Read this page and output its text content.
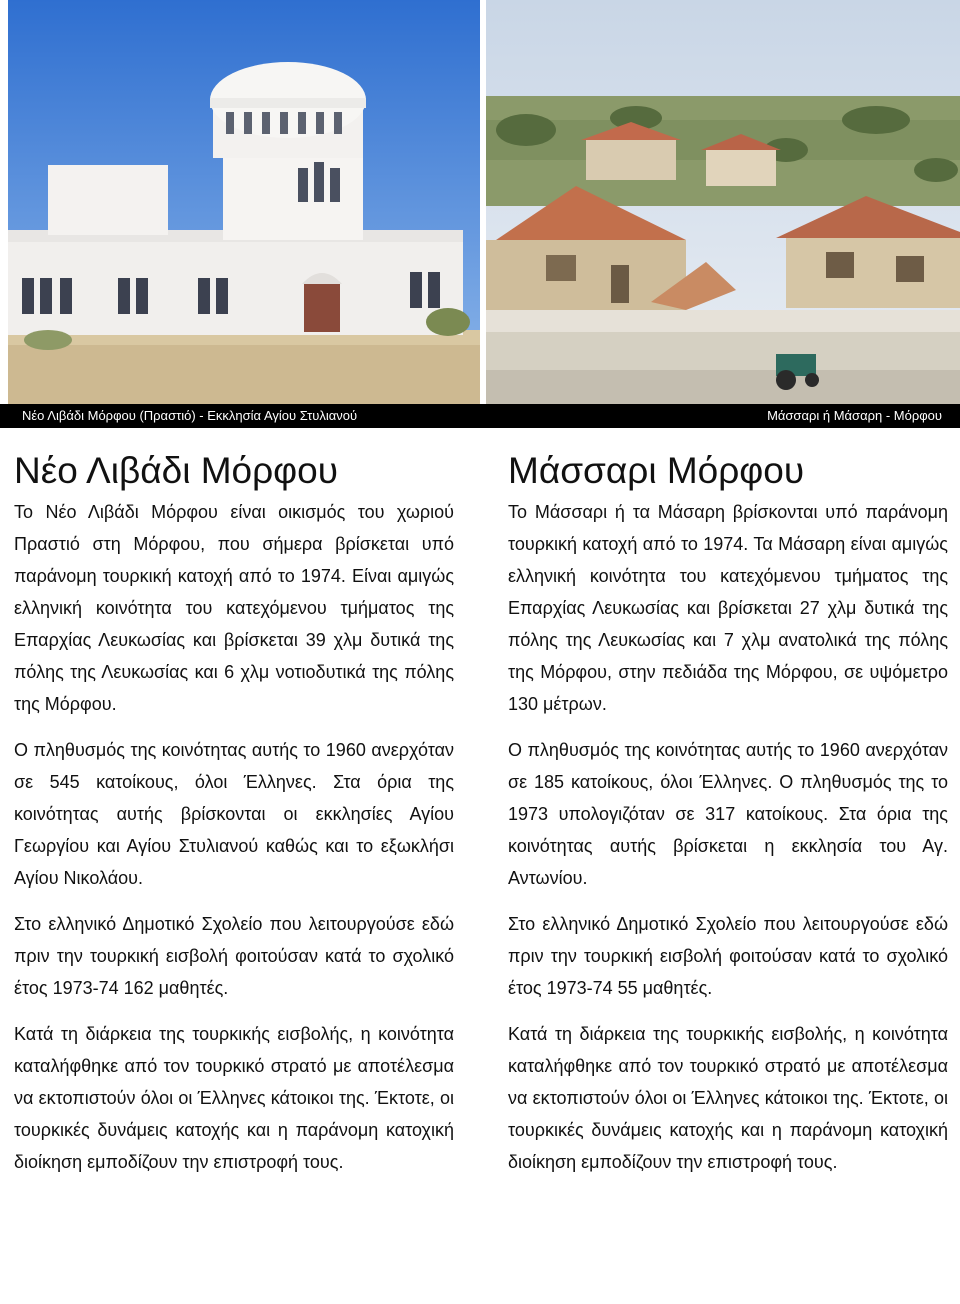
Νέο Λιβάδι Μόρφου (Πραστιό) - Εκκλησία Αγίου Στυλιανού	Μάσσαρι ή Μάσαρη - Μόρφου
Νέο Λιβάδι Μόρφου

Το Νέο Λιβάδι Μόρφου είναι οικισμός του χωριού Πραστιό στη Μόρφου, που σήμερα βρίσκεται υπό παράνομη τουρκική κατοχή από το 1974. Είναι αμιγώς ελληνική κοινότητα του κατεχόμενου τμήματος της Επαρχίας Λευκωσίας και βρίσκεται 39 χλμ δυτικά της πόλης της Λευκωσίας και 6 χλμ νοτιοδυτικά της πόλης της Μόρφου.

Ο πληθυσμός της κοινότητας αυτής το 1960 ανερχόταν σε 545 κατοίκους, όλοι Έλληνες. Στα όρια της κοινότητας αυτής βρίσκονται οι εκκλησίες Αγίου Γεωργίου και Αγίου Στυλιανού καθώς και το εξωκλήσι Αγίου Νικολάου.

Στο ελληνικό Δημοτικό Σχολείο που λειτουργούσε εδώ πριν την τουρκική εισβολή φοιτούσαν κατά το σχολικό έτος 1973-74 162 μαθητές.

Κατά τη διάρκεια της τουρκικής εισβολής, η κοινότητα καταλήφθηκε από τον τουρκικό στρατό με αποτέλεσμα να εκτοπιστούν όλοι οι Έλληνες κάτοικοι της. Έκτοτε, οι τουρκικές δυνάμεις κατοχής και η παράνομη κατοχική διοίκηση εμποδίζουν την επιστροφή τους.

Μάσσαρι Μόρφου

Το Μάσσαρι ή τα Μάσαρη βρίσκονται υπό παράνομη τουρκική κατοχή από το 1974. Τα Μάσαρη είναι αμιγώς ελληνική κοινότητα του κατεχόμενου τμήματος της Επαρχίας Λευκωσίας και βρίσκεται 27 χλμ δυτικά της πόλης της Λευκωσίας και 7 χλμ ανατολικά της πόλης της Μόρφου, στην πεδιάδα της Μόρφου, σε υψόμετρο 130 μέτρων.

Ο πληθυσμός της κοινότητας αυτής το 1960 ανερχόταν σε 185 κατοίκους, όλοι Έλληνες. Ο πληθυσμός της το 1973 υπολογιζόταν σε 317 κατοίκους. Στα όρια της κοινότητας αυτής βρίσκεται η εκκλησία του Αγ. Αντωνίου.

Στο ελληνικό Δημοτικό Σχολείο που λειτουργούσε εδώ πριν την τουρκική εισβολή φοιτούσαν κατά το σχολικό έτος 1973-74 55 μαθητές.

Κατά τη διάρκεια της τουρκικής εισβολής, η κοινότητα καταλήφθηκε από τον τουρκικό στρατό με αποτέλεσμα να εκτοπιστούν όλοι οι Έλληνες κάτοικοι της. Έκτοτε, οι τουρκικές δυνάμεις κατοχής και η παράνομη κατοχική διοίκηση εμποδίζουν την επιστροφή τους.
